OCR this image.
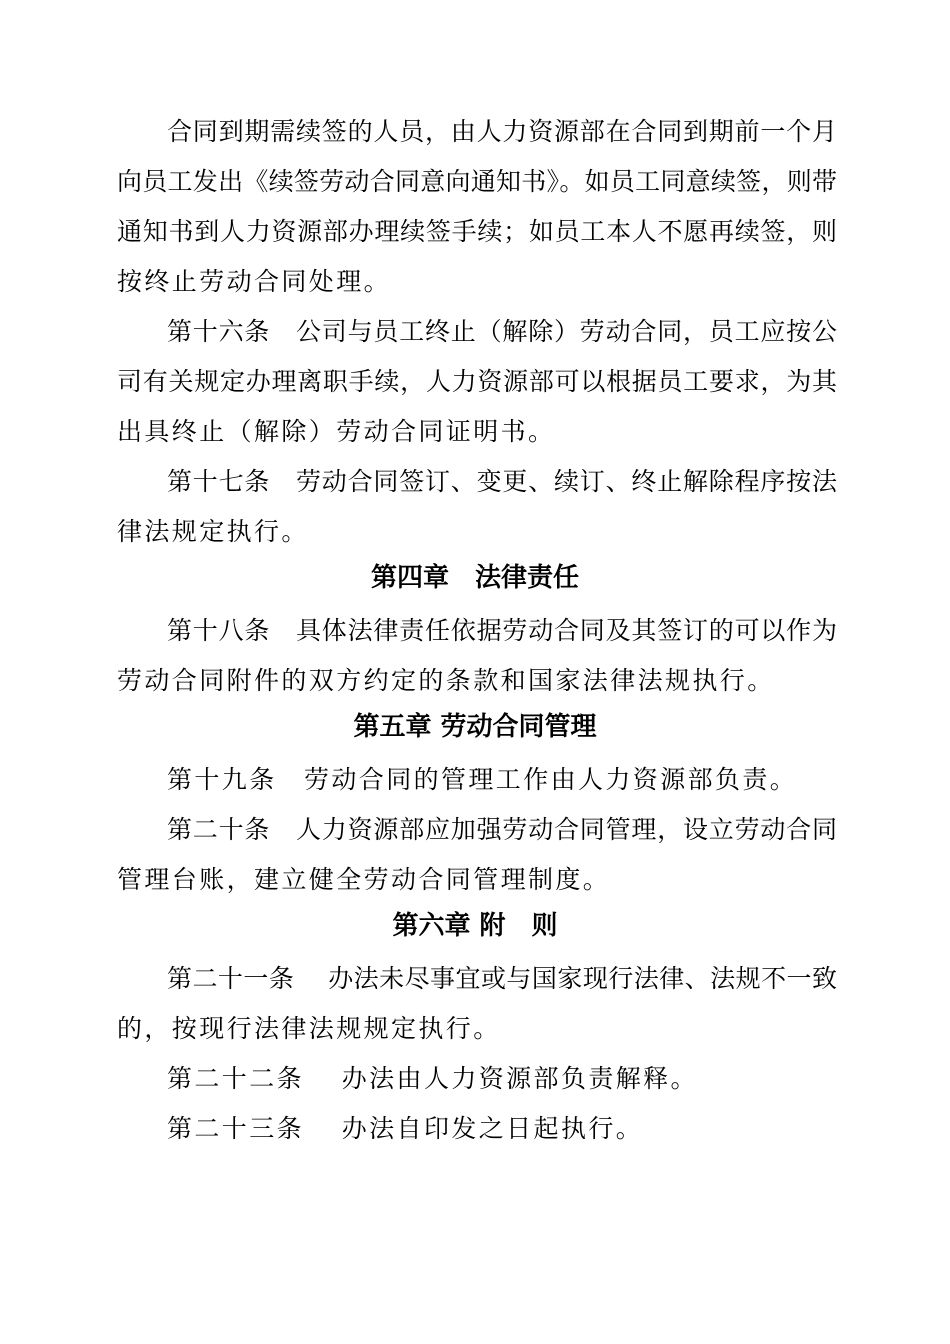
合同到期需续签的人员，由人力资源部在合同到期前一个月
向员工发出《续签劳动合同意向通知书》。如员工同意续签，则带
通知书到人力资源部办理续签手续；如员工本人不愿再续签，则
按终止劳动合同处理。
第十六条　公司与员工终止（解除）劳动合同，员工应按公
司有关规定办理离职手续，人力资源部可以根据员工要求，为其
出具终止（解除）劳动合同证明书。
第十七条　劳动合同签订、变更、续订、终止解除程序按法
律法规定执行。
第四章　法律责任
第十八条　具体法律责任依据劳动合同及其签订的可以作为
劳动合同附件的双方约定的条款和国家法律法规执行。
第五章 劳动合同管理
第十九条　劳动合同的管理工作由人力资源部负责。
第二十条　人力资源部应加强劳动合同管理，设立劳动合同
管理台账，建立健全劳动合同管理制度。
第六章 附　则
第二十一条　 办法未尽事宜或与国家现行法律、法规不一致
的，按现行法律法规规定执行。
第二十二条　 办法由人力资源部负责解释。
第二十三条　 办法自印发之日起执行。
